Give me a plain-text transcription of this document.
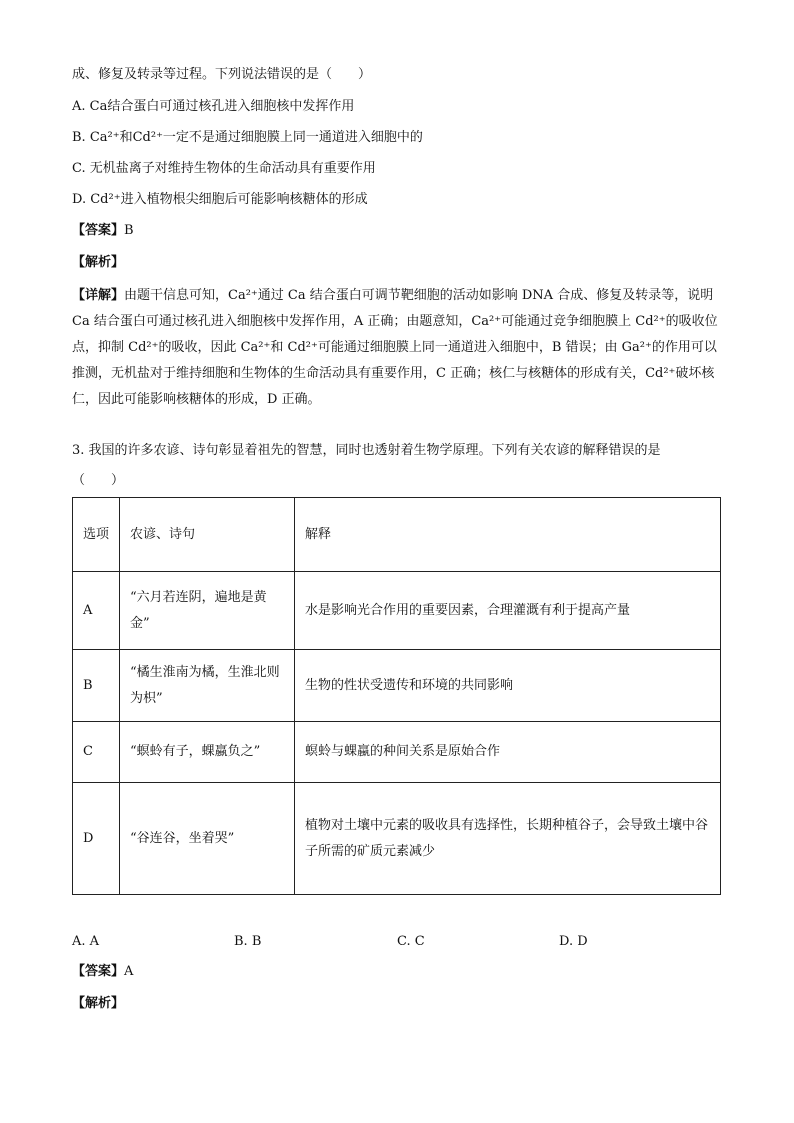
成、修复及转录等过程。下列说法错误的是（　　）
A. Ca结合蛋白可通过核孔进入细胞核中发挥作用
B. Ca²⁺和Cd²⁺一定不是通过细胞膜上同一通道进入细胞中的
C. 无机盐离子对维持生物体的生命活动具有重要作用
D. Cd²⁺进入植物根尖细胞后可能影响核糖体的形成
【答案】B
【解析】
【详解】由题干信息可知，Ca²⁺通过 Ca 结合蛋白可调节靶细胞的活动如影响 DNA 合成、修复及转录等，说明 Ca 结合蛋白可通过核孔进入细胞核中发挥作用，A 正确；由题意知，Ca²⁺可能通过竞争细胞膜上 Cd²⁺的吸收位点，抑制 Cd²⁺的吸收，因此 Ca²⁺和 Cd²⁺可能通过细胞膜上同一通道进入细胞中，B 错误；由 Ga²⁺的作用可以推测，无机盐对于维持细胞和生物体的生命活动具有重要作用，C 正确；核仁与核糖体的形成有关，Cd²⁺破坏核仁，因此可能影响核糖体的形成，D 正确。
3. 我国的许多农谚、诗句彰显着祖先的智慧，同时也透射着生物学原理。下列有关农谚的解释错误的是
（　　）
选项	农谚、诗句	解释
A	“六月若连阴，遍地是黄金”	水是影响光合作用的重要因素，合理灌溉有利于提高产量
B	“橘生淮南为橘，生淮北则为枳”	生物的性状受遗传和环境的共同影响
C	“螟蛉有子，蜾蠃负之”	螟蛉与蜾蠃的种间关系是原始合作
D	“谷连谷，坐着哭”	植物对土壤中元素的吸收具有选择性，长期种植谷子，会导致土壤中谷子所需的矿质元素减少
A. A	B. B	C. C	D. D
【答案】A
【解析】
